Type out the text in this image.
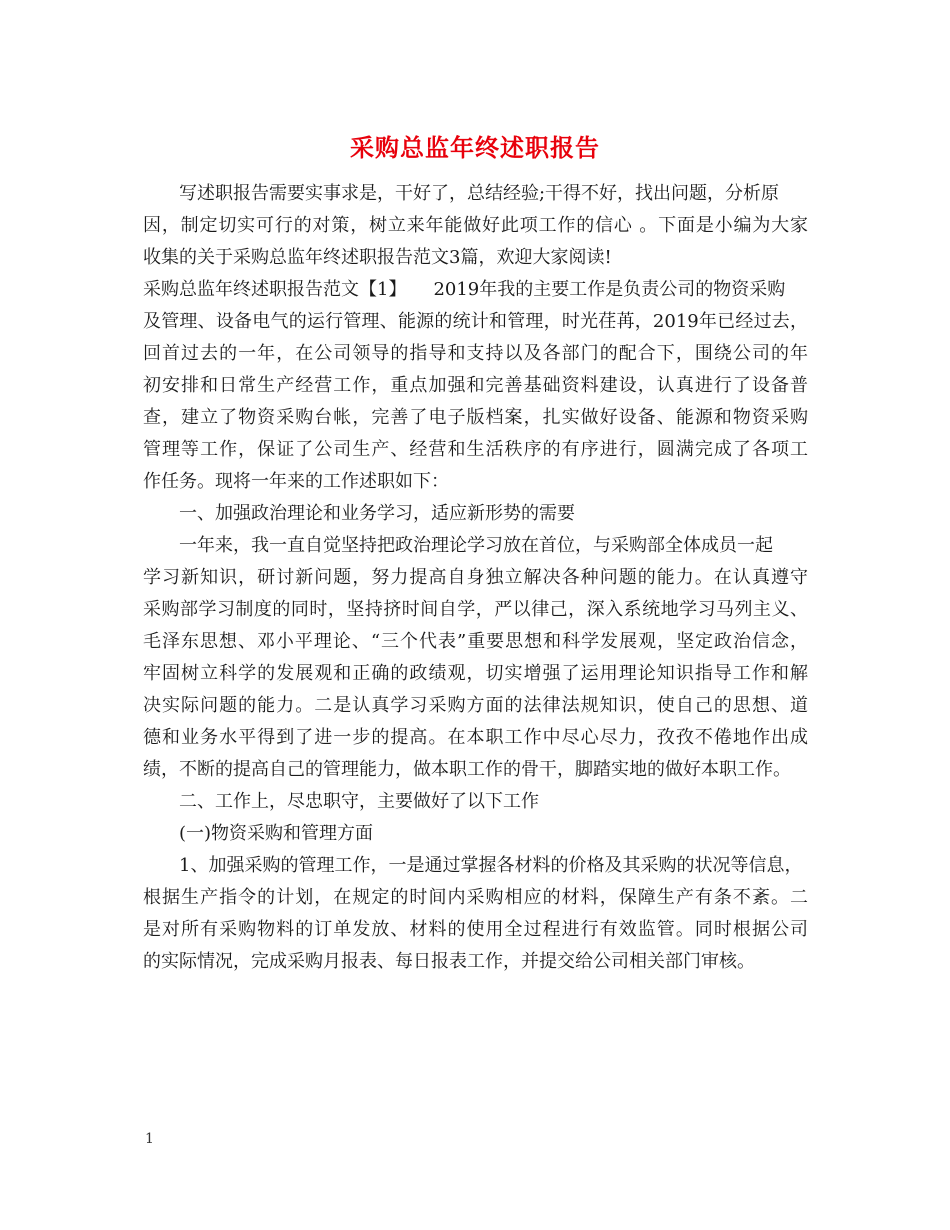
采购总监年终述职报告
写述职报告需要实事求是，干好了，总结经验;干得不好，找出问题，分析原
因，制定切实可行的对策，树立来年能做好此项工作的信心 。下面是小编为大家
收集的关于采购总监年终述职报告范文3篇，欢迎大家阅读!
采购总监年终述职报告范文【1】　　2019年我的主要工作是负责公司的物资采购
及管理、设备电气的运行管理、能源的统计和管理，时光荏苒，2019年已经过去，
回首过去的一年，在公司领导的指导和支持以及各部门的配合下，围绕公司的年
初安排和日常生产经营工作，重点加强和完善基础资料建设，认真进行了设备普
查，建立了物资采购台帐，完善了电子版档案，扎实做好设备、能源和物资采购
管理等工作，保证了公司生产、经营和生活秩序的有序进行，圆满完成了各项工
作任务。现将一年来的工作述职如下：
一、加强政治理论和业务学习，适应新形势的需要
一年来，我一直自觉坚持把政治理论学习放在首位，与采购部全体成员一起
学习新知识，研讨新问题，努力提高自身独立解决各种问题的能力。在认真遵守
采购部学习制度的同时，坚持挤时间自学，严以律己，深入系统地学习马列主义、
毛泽东思想、邓小平理论、“三个代表”重要思想和科学发展观，坚定政治信念，
牢固树立科学的发展观和正确的政绩观，切实增强了运用理论知识指导工作和解
决实际问题的能力。二是认真学习采购方面的法律法规知识，使自己的思想、道
德和业务水平得到了进一步的提高。在本职工作中尽心尽力，孜孜不倦地作出成
绩，不断的提高自己的管理能力，做本职工作的骨干，脚踏实地的做好本职工作。
二、工作上，尽忠职守，主要做好了以下工作
(一)物资采购和管理方面
1、加强采购的管理工作，一是通过掌握各材料的价格及其采购的状况等信息，
根据生产指令的计划，在规定的时间内采购相应的材料，保障生产有条不紊。二
是对所有采购物料的订单发放、材料的使用全过程进行有效监管。同时根据公司
的实际情况，完成采购月报表、每日报表工作，并提交给公司相关部门审核。
1
